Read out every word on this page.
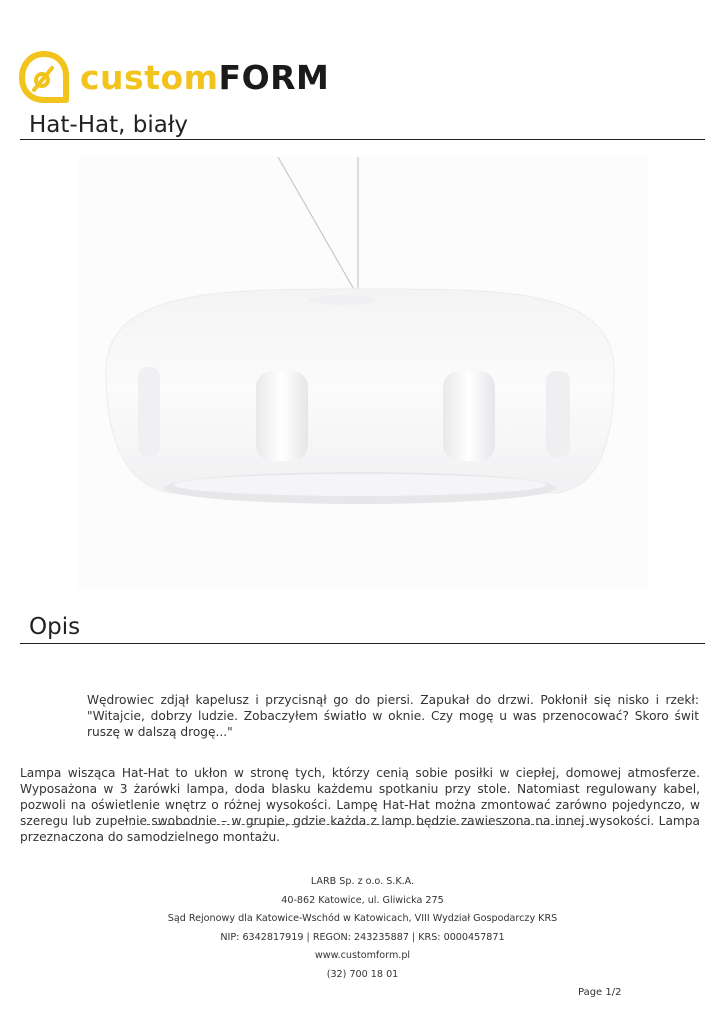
customFORM
Hat-Hat, biały
Opis

Wędrowiec zdjął kapelusz i przycisnął go do piersi. Zapukał do drzwi. Pokłonił się nisko i rzekł: "Witajcie, dobrzy ludzie. Zobaczyłem światło w oknie. Czy mogę u was przenocować? Skoro świt ruszę w dalszą drogę..."

Lampa wisząca Hat-Hat to ukłon w stronę tych, którzy cenią sobie posiłki w ciepłej, domowej atmosferze. Wyposażona w 3 żarówki lampa, doda blasku każdemu spotkaniu przy stole. Natomiast regulowany kabel, pozwoli na oświetlenie wnętrz o różnej wysokości. Lampę Hat-Hat można zmontować zarówno pojedynczo, w szeregu lub zupełnie swobodnie – w grupie, gdzie każda z lamp będzie zawieszona na innej wysokości. Lampa przeznaczona do samodzielnego montażu.

LARB Sp. z o.o. S.K.A.
40-862 Katowice, ul. Gliwicka 275
Sąd Rejonowy dla Katowice-Wschód w Katowicach, VIII Wydział Gospodarczy KRS
NIP: 6342817919 | REGON: 243235887 | KRS: 0000457871
www.customform.pl
(32) 700 18 01
Page 1/2
